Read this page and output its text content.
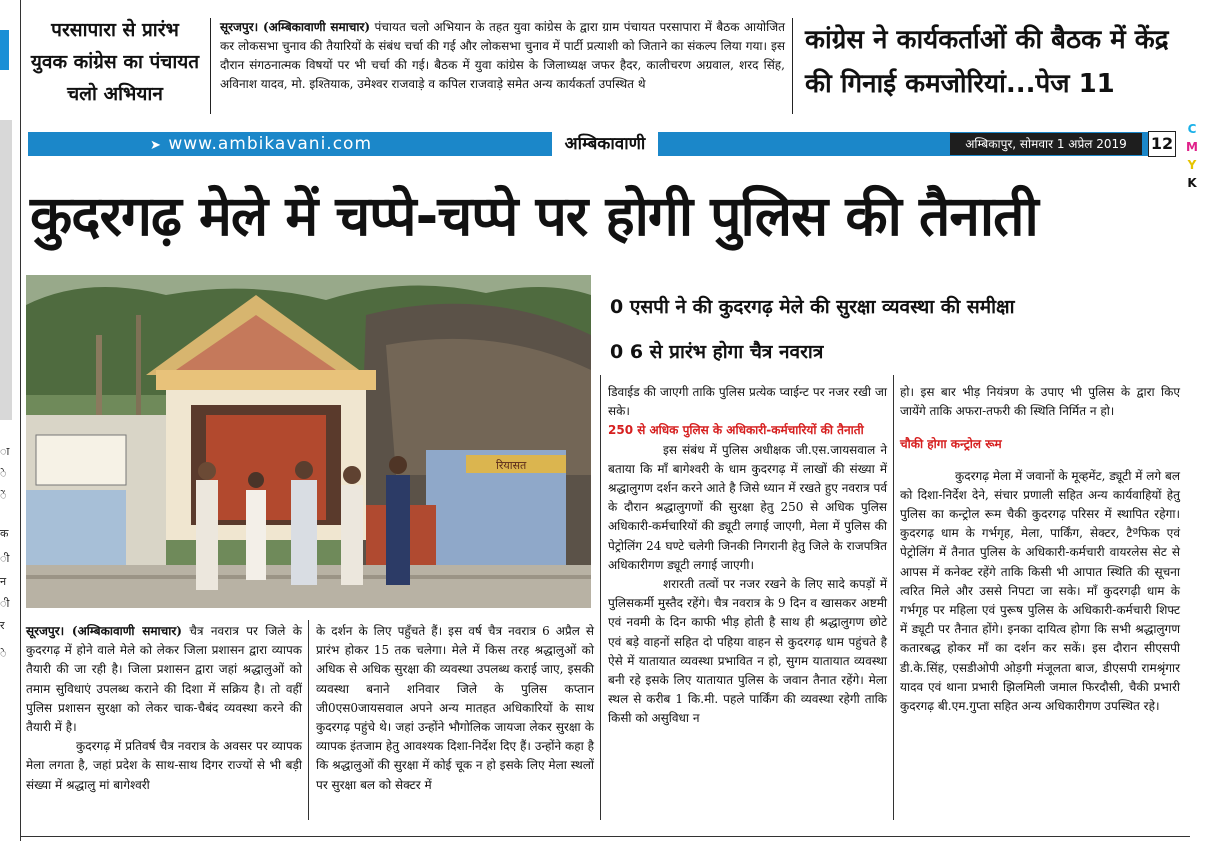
ा
े
ें
क
ी
न
ी
र
े
C
M
Y
K
परसापारा से प्रारंभ युवक कांग्रेस का पंचायत चलो अभियान
सूरजपुर। (अम्बिकावाणी समाचार) पंचायत चलो अभियान के तहत युवा कांग्रेस के द्वारा ग्राम पंचायत परसापारा में बैठक आयोजित कर लोकसभा चुनाव की तैयारियों के संबंध चर्चा की गई और लोकसभा चुनाव में पार्टी प्रत्याशी को जिताने का संकल्प लिया गया। इस दौरान संगठनात्मक विषयों पर भी चर्चा की गई। बैठक में युवा कांग्रेस के जिलाध्यक्ष जफर हैदर, कालीचरण अग्रवाल, शरद सिंह, अविनाश यादव, मो. इश्तियाक, उमेश्वर राजवाड़े व कपिल राजवाड़े समेत अन्य कार्यकर्ता उपस्थित थे
कांग्रेस ने कार्यकर्ताओं की बैठक में केंद्र की गिनाई कमजोरियां...पेज 11
➤ www.ambikavani.com	अम्बिकावाणी	अम्बिकापुर, सोमवार 1 अप्रेल 2019	12
कुदरगढ़ मेले में चप्पे-चप्पे पर होगी पुलिस की तैनाती
रियासत
0 एसपी ने की कुदरगढ़ मेले की सुरक्षा व्यवस्था की समीक्षा
0 6 से प्रारंभ होगा चैत्र नवरात्र

सूरजपुर। (अम्बिकावाणी समाचार) चैत्र नवरात्र पर जिले के कुदरगढ़ में होने वाले मेले को लेकर जिला प्रशासन द्वारा व्यापक तैयारी की जा रही है। जिला प्रशासन द्वारा जहां श्रद्धालुओं को तमाम सुविधाएं उपलब्ध कराने की दिशा में सक्रिय है। तो वहीं पुलिस प्रशासन सुरक्षा को लेकर चाक-चैबंद व्यवस्था करने की तैयारी में है।

कुदरगढ़ में प्रतिवर्ष चैत्र नवरात्र के अवसर पर व्यापक मेला लगता है, जहां प्रदेश के साथ-साथ दिगर राज्यों से भी बड़ी संख्या में श्रद्धालु मां बागेश्वरी

के दर्शन के लिए पहुँचते हैं। इस वर्ष चैत्र नवरात्र 6 अप्रैल से प्रारंभ होकर 15 तक चलेगा। मेले में किस तरह श्रद्धालुओं को अधिक से अधिक सुरक्षा की व्यवस्था उपलब्ध कराई जाए, इसकी व्यवस्था बनाने शनिवार जिले के पुलिस कप्तान जी0एस0जायसवाल अपने अन्य मातहत अधिकारियों के साथ कुदरगढ़ पहुंचे थे। जहां उन्होंने भौगोलिक जायजा लेकर सुरक्षा के व्यापक इंतजाम हेतु आवश्यक दिशा-निर्देश दिए हैं। उन्होंने कहा है कि श्रद्धालुओं की सुरक्षा में कोई चूक न हो इसके लिए मेला स्थलों पर सुरक्षा बल को सेक्टर में

डिवाईड की जाएगी ताकि पुलिस प्रत्येक प्वाईन्ट पर नजर रखी जा सके।

250 से अधिक पुलिस के अधिकारी-कर्मचारियों की तैनाती

इस संबंध में पुलिस अधीक्षक जी.एस.जायसवाल ने बताया कि माँ बागेश्वरी के धाम कुदरगढ़ में लाखों की संख्या में श्रद्धालुगण दर्शन करने आते है जिसे ध्यान में रखते हुए नवरात्र पर्व के दौरान श्रद्धालुगणों की सुरक्षा हेतु 250 से अधिक पुलिस अधिकारी-कर्मचारियों की ड्यूटी लगाई जाएगी, मेला में पुलिस की पेट्रोलिंग 24 घण्टे चलेगी जिनकी निगरानी हेतु जिले के राजपत्रित अधिकारीगण ड्यूटी लगाई जाएगी।

शरारती तत्वों पर नजर रखने के लिए सादे कपड़ों में पुलिसकर्मी मुस्तैद रहेंगे। चैत्र नवरात्र के 9 दिन व खासकर अष्टमी एवं नवमी के दिन काफी भीड़ होती है साथ ही श्रद्धालुगण छोटे एवं बड़े वाहनों सहित दो पहिया वाहन से कुदरगढ़ धाम पहुंचते है ऐसे में यातायात व्यवस्था प्रभावित न हो, सुगम यातायात व्यवस्था बनी रहे इसके लिए यातायात पुलिस के जवान तैनात रहेंगे। मेला स्थल से करीब 1 कि.मी. पहले पार्किंग की व्यवस्था रहेगी ताकि किसी को असुविधा न

हो। इस बार भीड़ नियंत्रण के उपाए भी पुलिस के द्वारा किए जायेंगे ताकि अफरा-तफरी की स्थिति निर्मित न हो।

चौकी होगा कन्ट्रोल रूम

कुदरगढ़ मेला में जवानों के मूव्हमेंट, ड्यूटी में लगे बल को दिशा-निर्देश देने, संचार प्रणाली सहित अन्य कार्यवाहियों हेतु पुलिस का कन्ट्रोल रूम चैकी कुदरगढ़ परिसर में स्थापित रहेगा। कुदरगढ़ धाम के गर्भगृह, मेला, पार्किंग, सेक्टर, टैªफिक एवं पेट्रोलिंग में तैनात पुलिस के अधिकारी-कर्मचारी वायरलेस सेट से आपस में कनेक्ट रहेंगे ताकि किसी भी आपात स्थिति की सूचना त्वरित मिले और उससे निपटा जा सके। माँ कुदरगढ़ी धाम के गर्भगृह पर महिला एवं पुरूष पुलिस के अधिकारी-कर्मचारी शिफ्ट में ड्यूटी पर तैनात होंगे। इनका दायित्व होगा कि सभी श्रद्धालुगण कतारबद्ध होकर माँ का दर्शन कर सकें। इस दौरान सीएसपी डी.के.सिंह, एसडीओपी ओड़गी मंजूलता बाज, डीएसपी रामश्रृंगार यादव एवं थाना प्रभारी झिलमिली जमाल फिरदौसी, चैकी प्रभारी कुदरगढ़ बी.एम.गुप्ता सहित अन्य अधिकारीगण उपस्थित रहे।
